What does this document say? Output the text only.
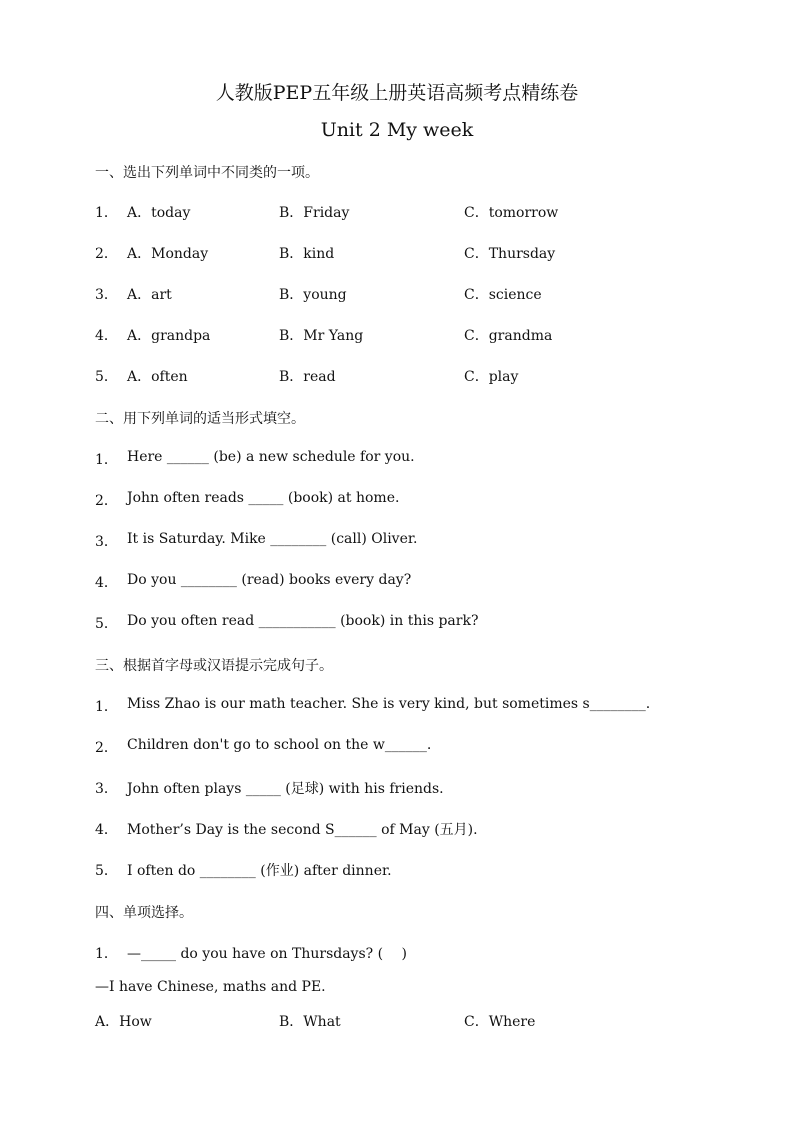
人教版PEP五年级上册英语高频考点精练卷
Unit 2 My week
一、选出下列单词中不同类的一项。
1． A．today	B．Friday	C．tomorrow
2． A．Monday	B．kind	C．Thursday
3． A．art	B．young	C．science
4． A．grandpa	B．Mr Yang	C．grandma
5． A．often	B．read	C．play
二、用下列单词的适当形式填空。
1． Here ______ (be) a new schedule for you.
2． John often reads _____ (book) at home.
3． It is Saturday. Mike ________ (call) Oliver.
4． Do you ________ (read) books every day?
5． Do you often read ___________ (book) in this park?
三、根据首字母或汉语提示完成句子。
1． Miss Zhao is our math teacher. She is very kind, but sometimes s________.
2． Children don't go to school on the w______.
3． John often plays _____ (足球) with his friends.
4． Mother’s Day is the second S______ of May (五月).
5． I often do ________ (作业) after dinner.
四、单项选择。
1． —_____ do you have on Thursdays? (　 )
—I have Chinese, maths and PE.
A．How	B．What	C．Where
